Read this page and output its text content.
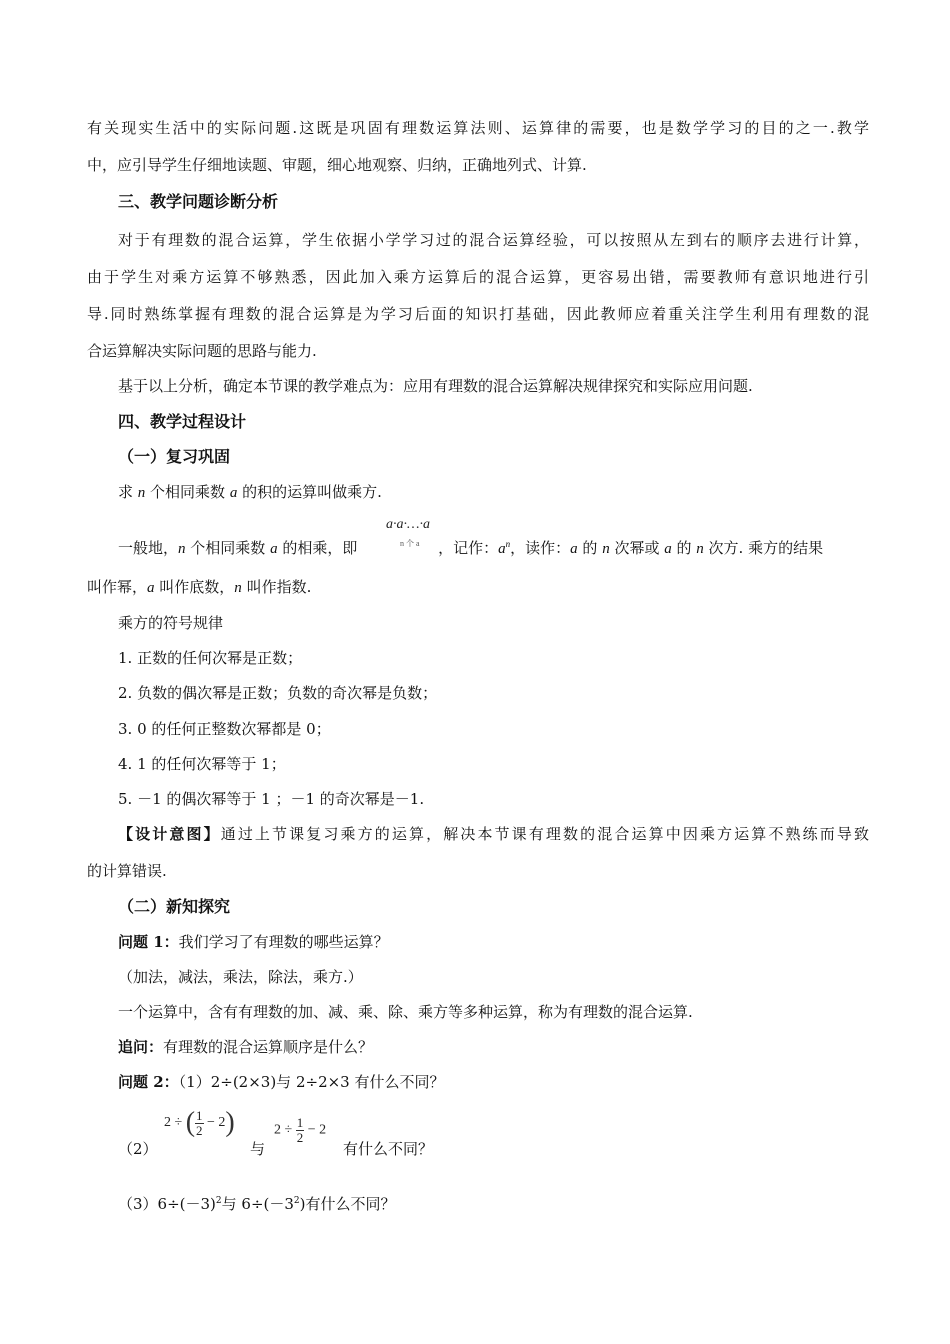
有关现实生活中的实际问题.这既是巩固有理数运算法则、运算律的需要，也是数学学习的目的之一.教学
中，应引导学生仔细地读题、审题，细心地观察、归纳，正确地列式、计算.
三、教学问题诊断分析
对于有理数的混合运算，学生依据小学学习过的混合运算经验，可以按照从左到右的顺序去进行计算，
由于学生对乘方运算不够熟悉，因此加入乘方运算后的混合运算，更容易出错，需要教师有意识地进行引
导.同时熟练掌握有理数的混合运算是为学习后面的知识打基础，因此教师应着重关注学生利用有理数的混
合运算解决实际问题的思路与能力.
基于以上分析，确定本节课的教学难点为：应用有理数的混合运算解决规律探究和实际应用问题.
四、教学过程设计
（一）复习巩固
求 n 个相同乘数 a 的积的运算叫做乘方.
a·a·…·a
n 个 a
一般地，n 个相同乘数 a 的相乘，即	，记作：$a^n$，读作：a 的 n 次幂或 a 的 n 次方. 乘方的结果
叫作幂，a 叫作底数，n 叫作指数.
乘方的符号规律
1. 正数的任何次幂是正数；
2. 负数的偶次幂是正数；负数的奇次幂是负数；
3. 0 的任何正整数次幂都是 0；
4. 1 的任何次幂等于 1；
5. －1 的偶次幂等于 1 ；－1 的奇次幂是－1.
【设计意图】通过上节课复习乘方的运算，解决本节课有理数的混合运算中因乘方运算不熟练而导致
的计算错误.
（二）新知探究
问题 1：我们学习了有理数的哪些运算？
（加法，减法，乘法，除法，乘方.）
一个运算中，含有有理数的加、减、乘、除、乘方等多种运算，称为有理数的混合运算.
追问：有理数的混合运算顺序是什么？
问题 2：（1）2÷(2×3)与 2÷2×3 有什么不同？
（2）
2 ÷ ( $\frac{1}{2} - 2$)
与
$2 \div \frac{1}{2} - 2$
有什么不同？
$(3)6\div(-3)^2$与 $6\div(-3^2)$有什么不同？
